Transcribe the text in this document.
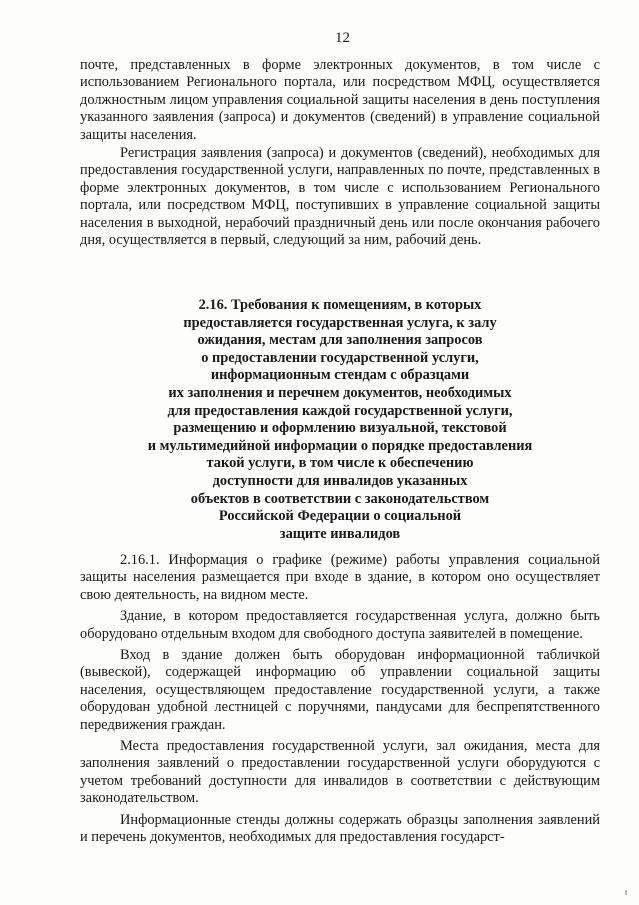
12

почте, представленных в форме электронных документов, в том числе с использованием Регионального портала, или посредством МФЦ, осуществляется должностным лицом управления социальной защиты населения в день поступления указанного заявления (запроса) и документов (сведений) в управление социальной защиты населения.

Регистрация заявления (запроса) и документов (сведений), необходимых для предоставления государственной услуги, направленных по почте, представленных в форме электронных документов, в том числе с использованием Регионального портала, или посредством МФЦ, поступивших в управление социальной защиты населения в выходной, нерабочий праздничный день или после окончания рабочего дня, осуществляется в первый, следующий за ним, рабочий день.

2.16. Требования к помещениям, в которых
предоставляется государственная услуга, к залу
ожидания, местам для заполнения запросов
о предоставлении государственной услуги,
информационным стендам с образцами
их заполнения и перечнем документов, необходимых
для предоставления каждой государственной услуги,
размещению и оформлению визуальной, текстовой
и мультимедийной информации о порядке предоставления
такой услуги, в том числе к обеспечению
доступности для инвалидов указанных
объектов в соответствии с законодательством
Российской Федерации о социальной
защите инвалидов

2.16.1. Информация о графике (режиме) работы управления социальной защиты населения размещается при входе в здание, в котором оно осуществляет свою деятельность, на видном месте.

Здание, в котором предоставляется государственная услуга, должно быть оборудовано отдельным входом для свободного доступа заявителей в помещение.

Вход в здание должен быть оборудован информационной табличкой (вывеской), содержащей информацию об управлении социальной защиты населения, осуществляющем предоставление государственной услуги, а также оборудован удобной лестницей с поручнями, пандусами для беспрепятственного передвижения граждан.

Места предоставления государственной услуги, зал ожидания, места для заполнения заявлений о предоставлении государственной услуги оборудуются с учетом требований доступности для инвалидов в соответствии с действующим законодательством.

Информационные стенды должны содержать образцы заполнения заявлений и перечень документов, необходимых для предоставления государст-
